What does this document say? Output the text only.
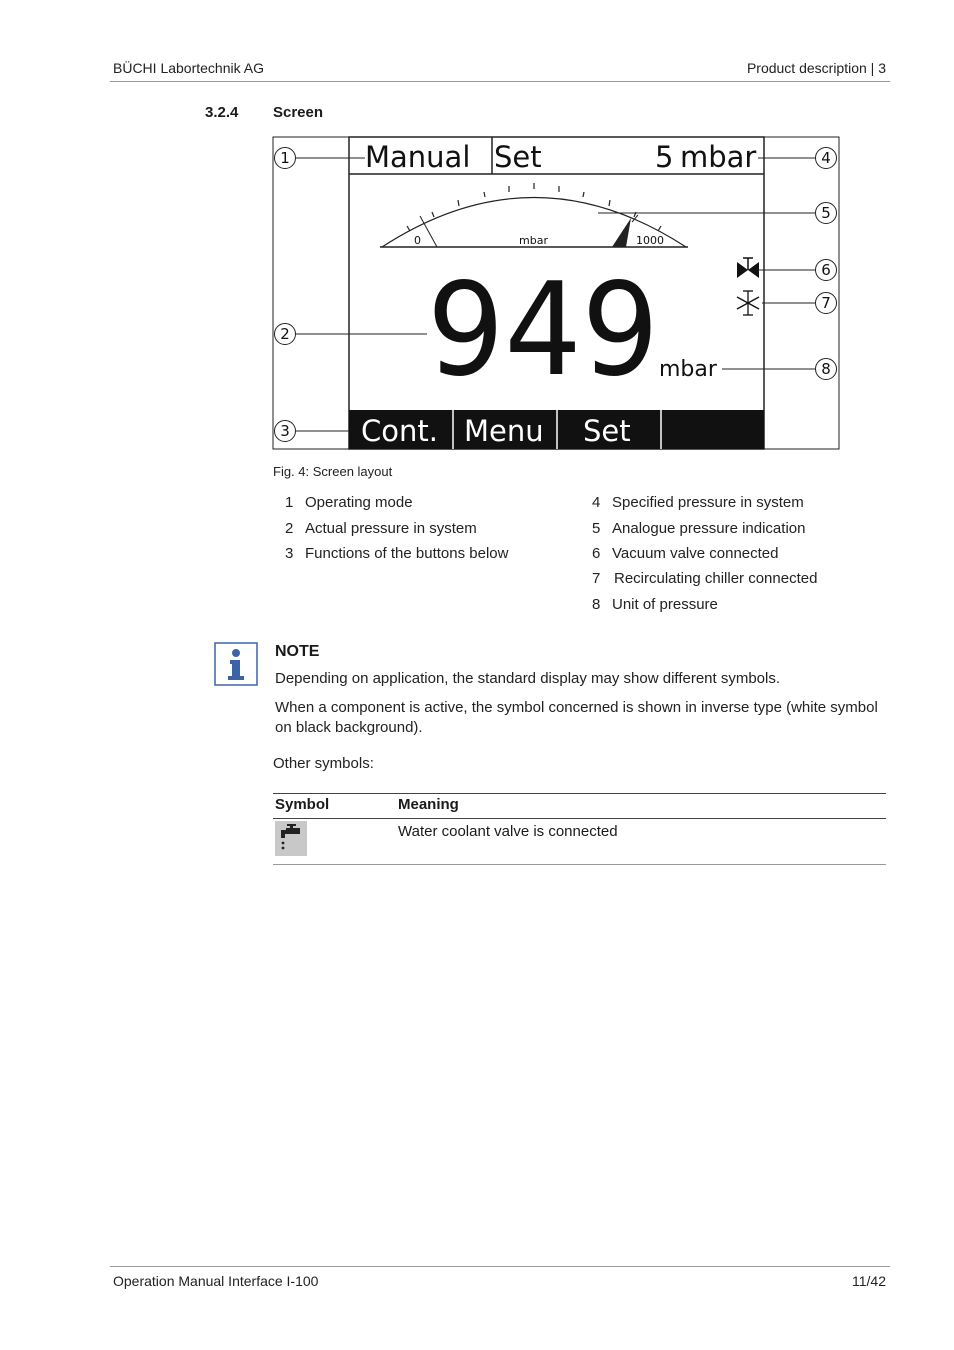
BÜCHI Labortechnik AG	Product description | 3
3.2.4 Screen
Manual Set	5 mbar
0	mbar	1000
949 mbar
Cont. Menu Set
1
2
3
4
5
6
7
8
Fig. 4: Screen layout
1 Operating mode
2 Actual pressure in system
3 Functions of the buttons below
4 Specified pressure in system
5 Analogue pressure indication
6 Vacuum valve connected
7 Recirculating chiller connected
8 Unit of pressure
NOTE
Depending on application, the standard display may show different symbols.
When a component is active, the symbol concerned is shown in inverse type (white symbol on black background).
Other symbols:
Symbol	Meaning
Water coolant valve is connected
Operation Manual Interface I-100	11/42
